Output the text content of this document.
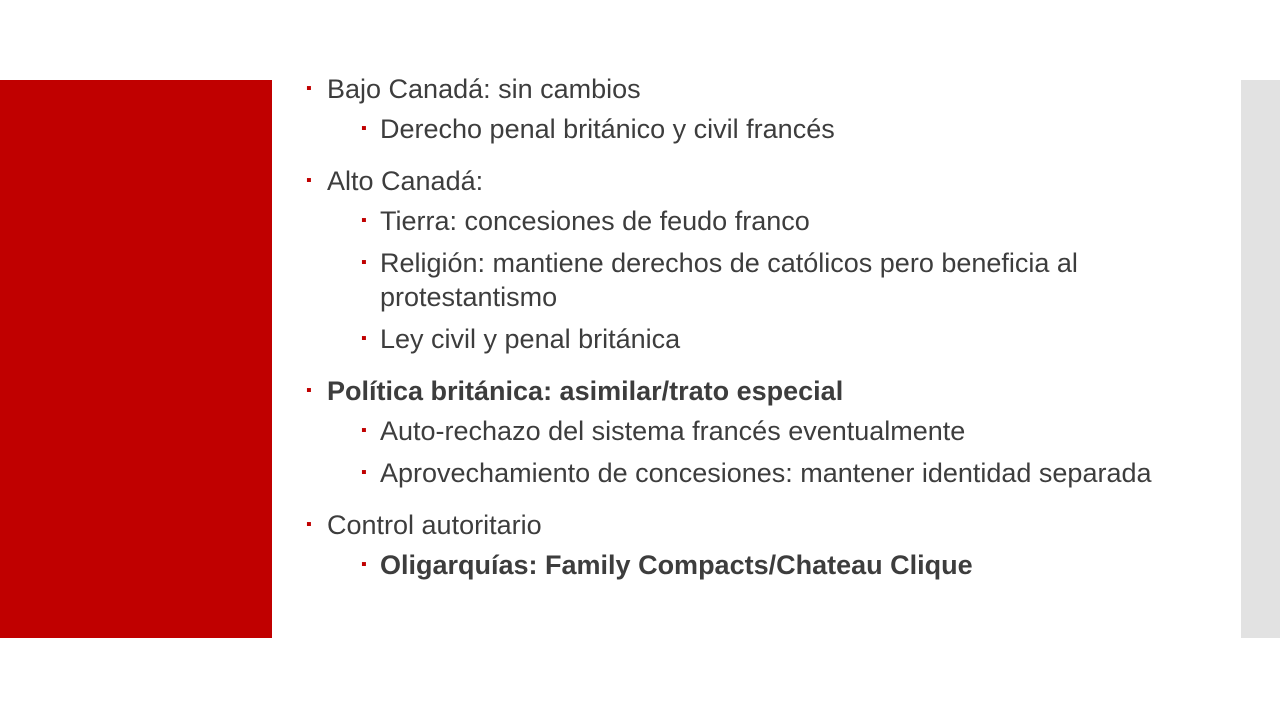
▪ Bajo Canadá: sin cambios
▪ Derecho penal británico y civil francés
▪ Alto Canadá:
▪ Tierra: concesiones de feudo franco
▪ Religión: mantiene derechos de católicos pero beneficia al protestantismo
▪ Ley civil y penal británica
▪ Política británica: asimilar/trato especial
▪ Auto-rechazo del sistema francés eventualmente
▪ Aprovechamiento de concesiones: mantener identidad separada
▪ Control autoritario
▪ Oligarquías: Family Compacts/Chateau Clique
